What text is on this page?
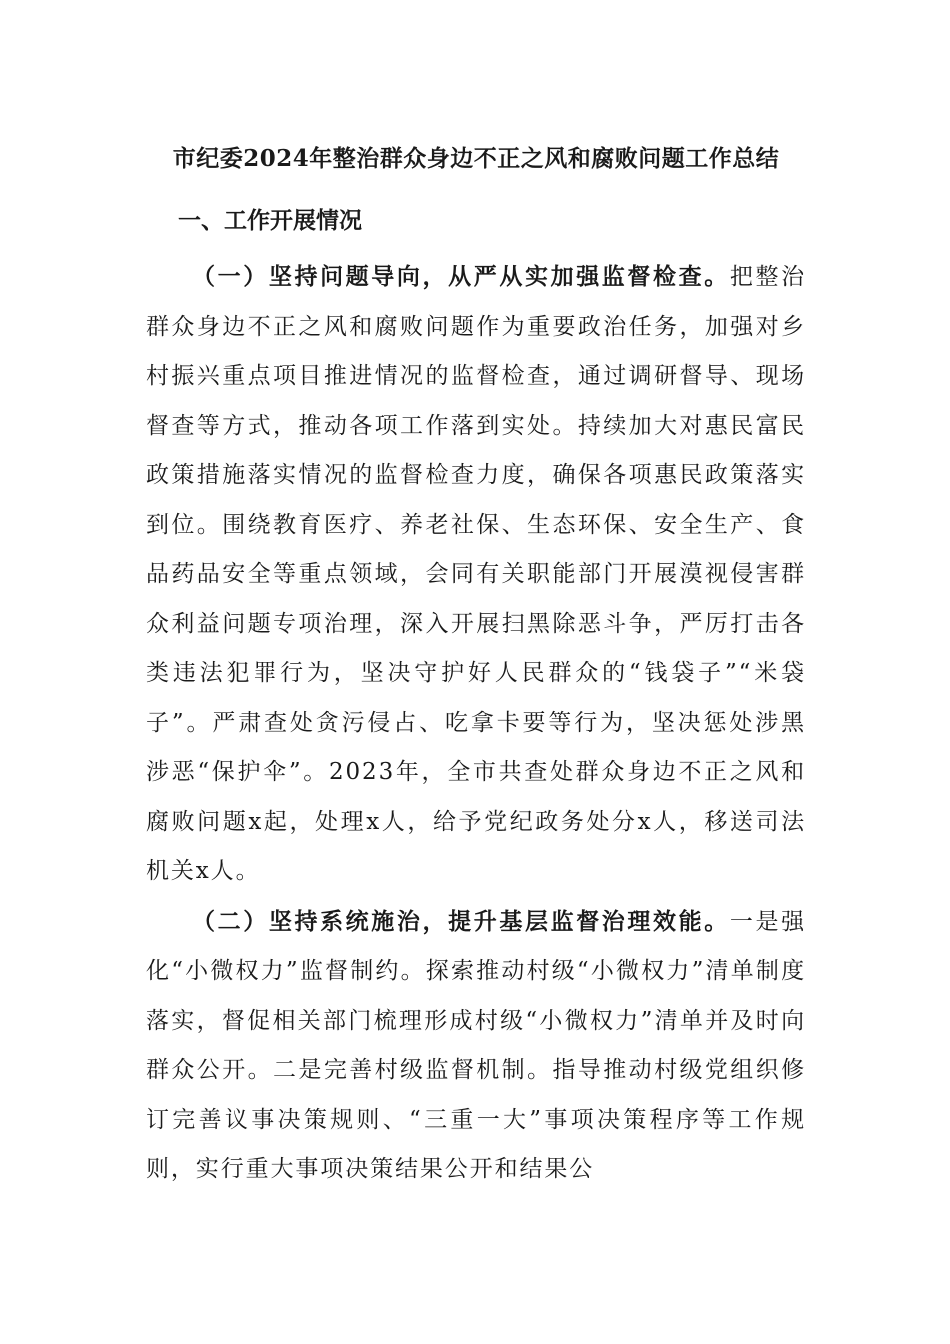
市纪委2024年整治群众身边不正之风和腐败问题工作总结
一、工作开展情况

（一）坚持问题导向，从严从实加强监督检查。把整治群众身边不正之风和腐败问题作为重要政治任务，加强对乡村振兴重点项目推进情况的监督检查，通过调研督导、现场督查等方式，推动各项工作落到实处。持续加大对惠民富民政策措施落实情况的监督检查力度，确保各项惠民政策落实到位。围绕教育医疗、养老社保、生态环保、安全生产、食品药品安全等重点领域，会同有关职能部门开展漠视侵害群众利益问题专项治理，深入开展扫黑除恶斗争，严厉打击各类违法犯罪行为，坚决守护好人民群众的“钱袋子”“米袋子”。严肃查处贪污侵占、吃拿卡要等行为，坚决惩处涉黑涉恶“保护伞”。2023年，全市共查处群众身边不正之风和腐败问题x起，处理x人，给予党纪政务处分x人，移送司法机关x人。

（二）坚持系统施治，提升基层监督治理效能。一是强化“小微权力”监督制约。探索推动村级“小微权力”清单制度落实，督促相关部门梳理形成村级“小微权力”清单并及时向群众公开。二是完善村级监督机制。指导推动村级党组织修订完善议事决策规则、“三重一大”事项决策程序等工作规则，实行重大事项决策结果公开和结果公
